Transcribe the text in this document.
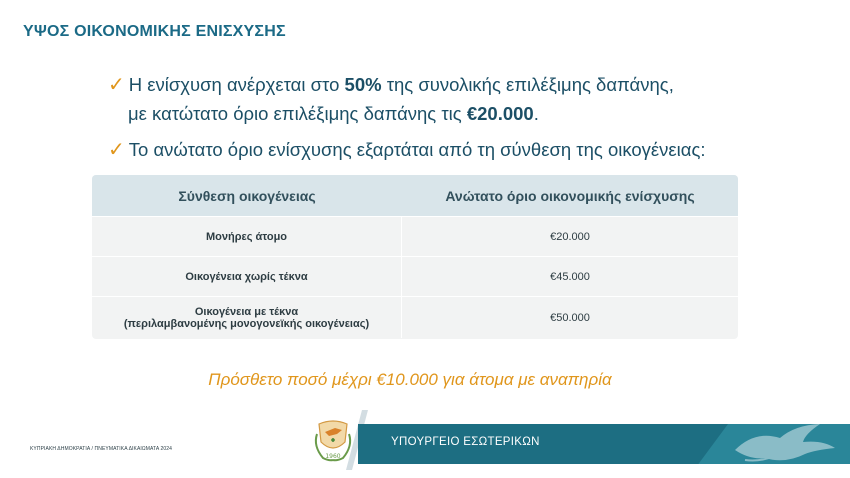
ΥΨΟΣ ΟΙΚΟΝΟΜΙΚΗΣ ΕΝΙΣΧΥΣΗΣ
✓ Η ενίσχυση ανέρχεται στο 50% της συνολικής επιλέξιμης δαπάνης,
με κατώτατο όριο επιλέξιμης δαπάνης τις €20.000.
✓ Το ανώτατο όριο ενίσχυσης εξαρτάται από τη σύνθεση της οικογένειας:
Σύνθεση οικογένειας	Ανώτατο όριο οικονομικής ενίσχυσης
Μονήρες άτομο	€20.000
Οικογένεια χωρίς τέκνα	€45.000
Οικογένεια με τέκνα
(περιλαμβανομένης μονογονεϊκής οικογένειας)	€50.000
Πρόσθετο ποσό μέχρι €10.000 για άτομα με αναπηρία
ΚΥΠΡΙΑΚΗ ΔΗΜΟΚΡΑΤΙΑ / ΠΝΕΥΜΑΤΙΚΑ ΔΙΚΑΙΩΜΑΤΑ 2024
1960
ΥΠΟΥΡΓΕΙΟ ΕΣΩΤΕΡΙΚΩΝ
